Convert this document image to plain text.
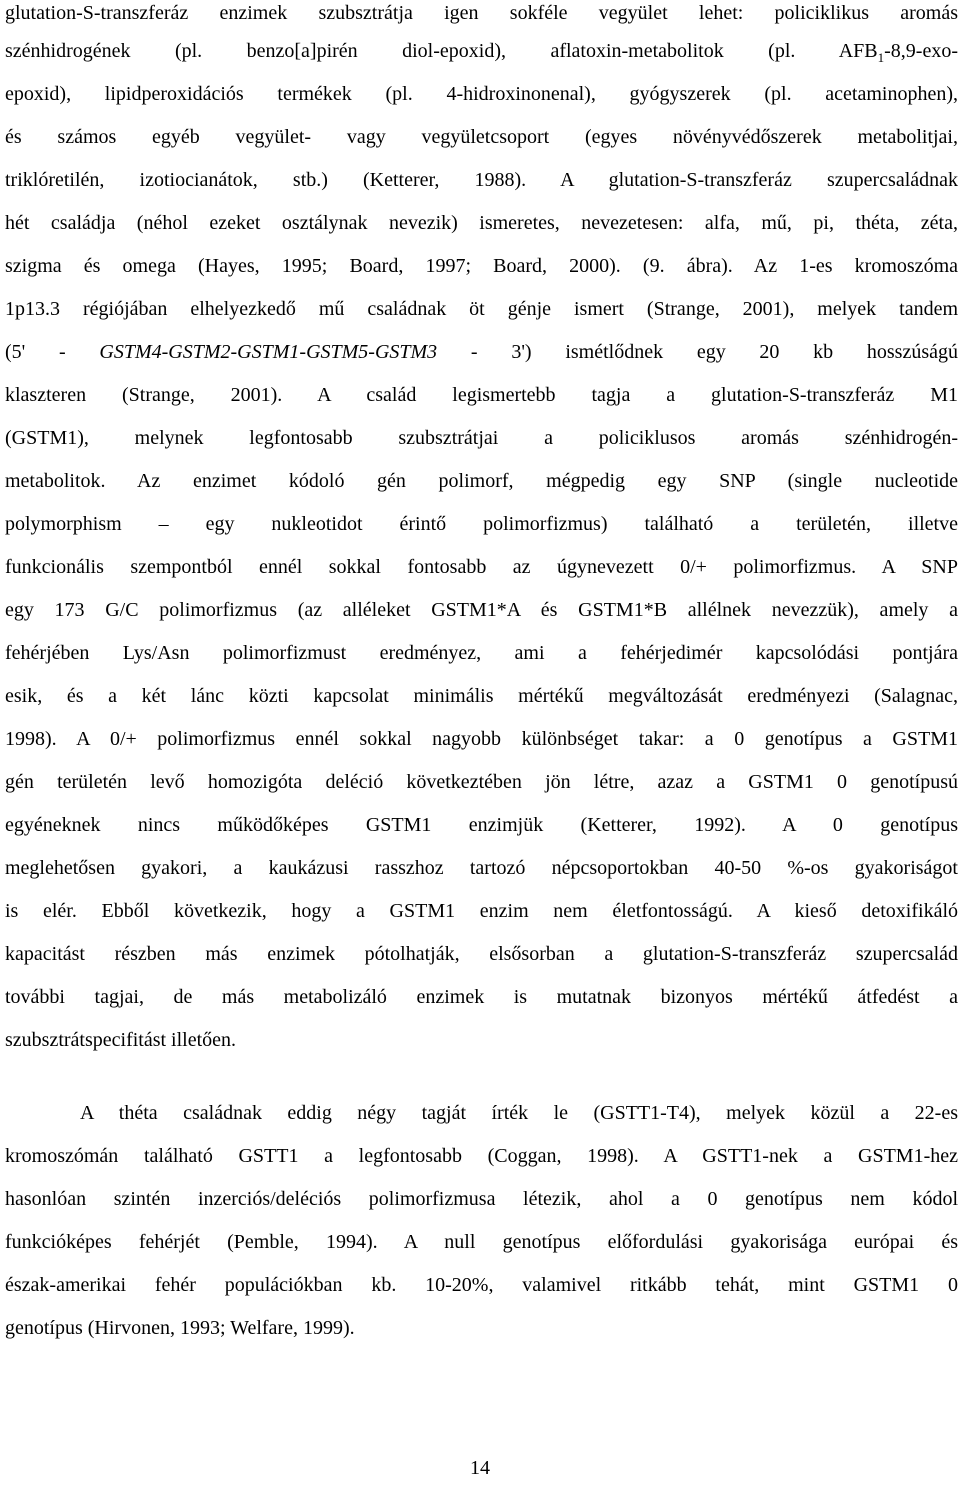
glutation-S-transzferáz enzimek szubsztrátja igen sokféle vegyület lehet: policiklikus aromás
szénhidrogének (pl. benzo[a]pirén diol-epoxid), aflatoxin-metabolitok (pl. $AFB_1-8,9-exo-$
epoxid), lipidperoxidációs termékek (pl. 4-hidroxinonenal), gyógyszerek (pl. acetaminophen),
és számos egyéb vegyület- vagy vegyületcsoport (egyes növényvédőszerek metabolitjai,
triklóretilén, izotiocianátok, stb.) (Ketterer, 1988). A glutation-S-transzferáz szupercsaládnak
hét családja (néhol ezeket osztálynak nevezik) ismeretes, nevezetesen: alfa, mű, pi, théta, zéta,
szigma és omega (Hayes, 1995; Board, 1997; Board, 2000). (9. ábra). Az 1-es kromoszóma
1p13.3 régiójában elhelyezkedő mű családnak öt génje ismert (Strange, 2001), melyek tandem
(5' - GSTM4-GSTM2-GSTM1-GSTM5-GSTM3 - 3') ismétlődnek egy 20 kb hosszúságú
klaszteren (Strange, 2001). A család legismertebb tagja a glutation-S-transzferáz M1
(GSTM1), melynek legfontosabb szubsztrátjai a policiklusos aromás szénhidrogén-
metabolitok. Az enzimet kódoló gén polimorf, mégpedig egy SNP (single nucleotide
polymorphism – egy nukleotidot érintő polimorfizmus) található a területén, illetve
funkcionális szempontból ennél sokkal fontosabb az úgynevezett 0/+ polimorfizmus. A SNP
egy 173 G/C polimorfizmus (az alléleket GSTM1*A és GSTM1*B allélnek nevezzük), amely a
fehérjében Lys/Asn polimorfizmust eredményez, ami a fehérjedimér kapcsolódási pontjára
esik, és a két lánc közti kapcsolat minimális mértékű megváltozását eredményezi (Salagnac,
1998). A 0/+ polimorfizmus ennél sokkal nagyobb különbséget takar: a 0 genotípus a GSTM1
gén területén levő homozigóta deléció következtében jön létre, azaz a GSTM1 0 genotípusú
egyéneknek nincs működőképes GSTM1 enzimjük (Ketterer, 1992). A 0 genotípus
meglehetősen gyakori, a kaukázusi rasszhoz tartozó népcsoportokban 40-50 %-os gyakoriságot
is elér. Ebből következik, hogy a GSTM1 enzim nem életfontosságú. A kieső detoxifikáló
kapacitást részben más enzimek pótolhatják, elsősorban a glutation-S-transzferáz szupercsalád
további tagjai, de más metabolizáló enzimek is mutatnak bizonyos mértékű átfedést a
szubsztrátspecifitást illetően.
A théta családnak eddig négy tagját írték le (GSTT1-T4), melyek közül a 22-es
kromoszómán található GSTT1 a legfontosabb (Coggan, 1998). A GSTT1-nek a GSTM1-hez
hasonlóan szintén inzerciós/deléciós polimorfizmusa létezik, ahol a 0 genotípus nem kódol
funkcióképes fehérjét (Pemble, 1994). A null genotípus előfordulási gyakorisága európai és
észak-amerikai fehér populációkban kb. 10-20%, valamivel ritkább tehát, mint GSTM1 0
genotípus (Hirvonen, 1993; Welfare, 1999).
14
